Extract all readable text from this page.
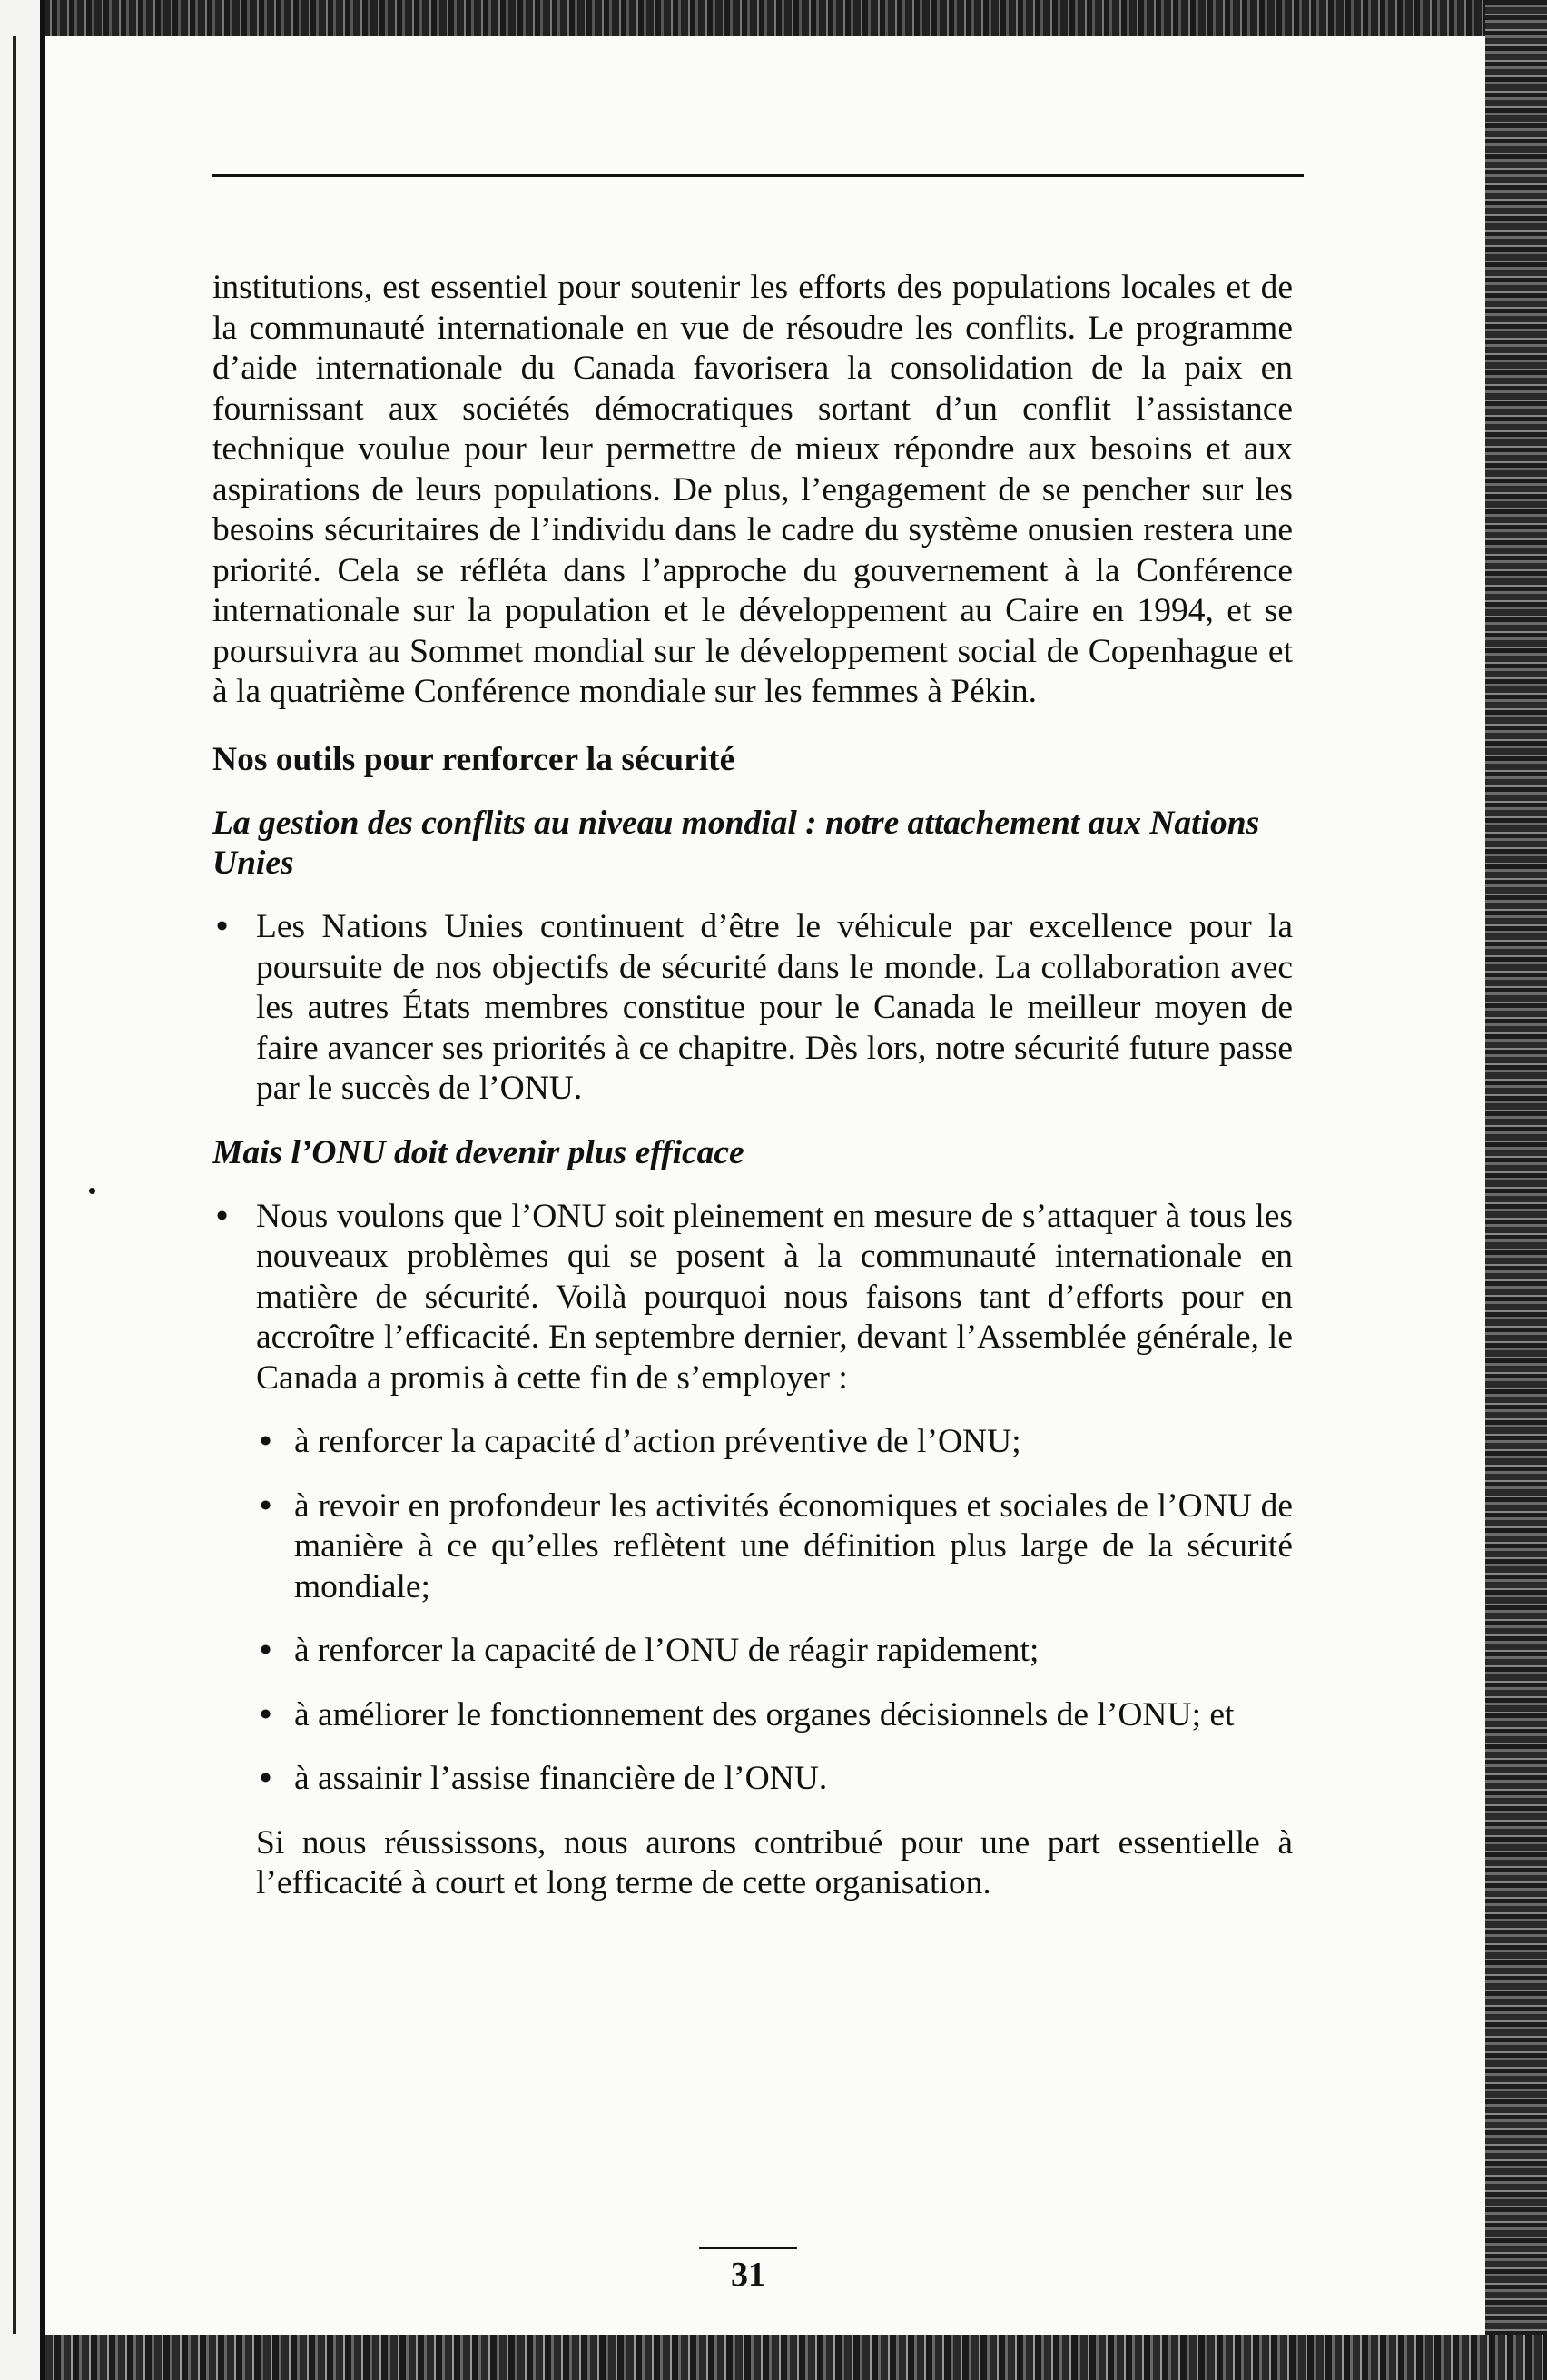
institutions, est essentiel pour soutenir les efforts des populations locales et de la communauté internationale en vue de résoudre les conflits. Le programme d’aide internationale du Canada favorisera la consolidation de la paix en fournissant aux sociétés démocratiques sortant d’un conflit l’assistance technique voulue pour leur permettre de mieux répondre aux besoins et aux aspirations de leurs populations. De plus, l’engagement de se pencher sur les besoins sécuritaires de l’individu dans le cadre du système onusien restera une priorité. Cela se réfléta dans l’approche du gouvernement à la Conférence internationale sur la population et le développement au Caire en 1994, et se poursuivra au Sommet mondial sur le développement social de Copenhague et à la quatrième Conférence mondiale sur les femmes à Pékin.

Nos outils pour renforcer la sécurité
La gestion des conflits au niveau mondial : notre attachement aux Nations Unies
• Les Nations Unies continuent d’être le véhicule par excellence pour la poursuite de nos objectifs de sécurité dans le monde. La collaboration avec les autres États membres constitue pour le Canada le meilleur moyen de faire avancer ses priorités à ce chapitre. Dès lors, notre sécurité future passe par le succès de l’ONU.

Mais l’ONU doit devenir plus efficace
• Nous voulons que l’ONU soit pleinement en mesure de s’attaquer à tous les nouveaux problèmes qui se posent à la communauté internationale en matière de sécurité. Voilà pourquoi nous faisons tant d’efforts pour en accroître l’efficacité. En septembre dernier, devant l’Assemblée générale, le Canada a promis à cette fin de s’employer :

• à renforcer la capacité d’action préventive de l’ONU;

• à revoir en profondeur les activités économiques et sociales de l’ONU de manière à ce qu’elles reflètent une définition plus large de la sécurité mondiale;

• à renforcer la capacité de l’ONU de réagir rapidement;

• à améliorer le fonctionnement des organes décisionnels de l’ONU; et

• à assainir l’assise financière de l’ONU.

Si nous réussissons, nous aurons contribué pour une part essentielle à l’efficacité à court et long terme de cette organisation.

31
